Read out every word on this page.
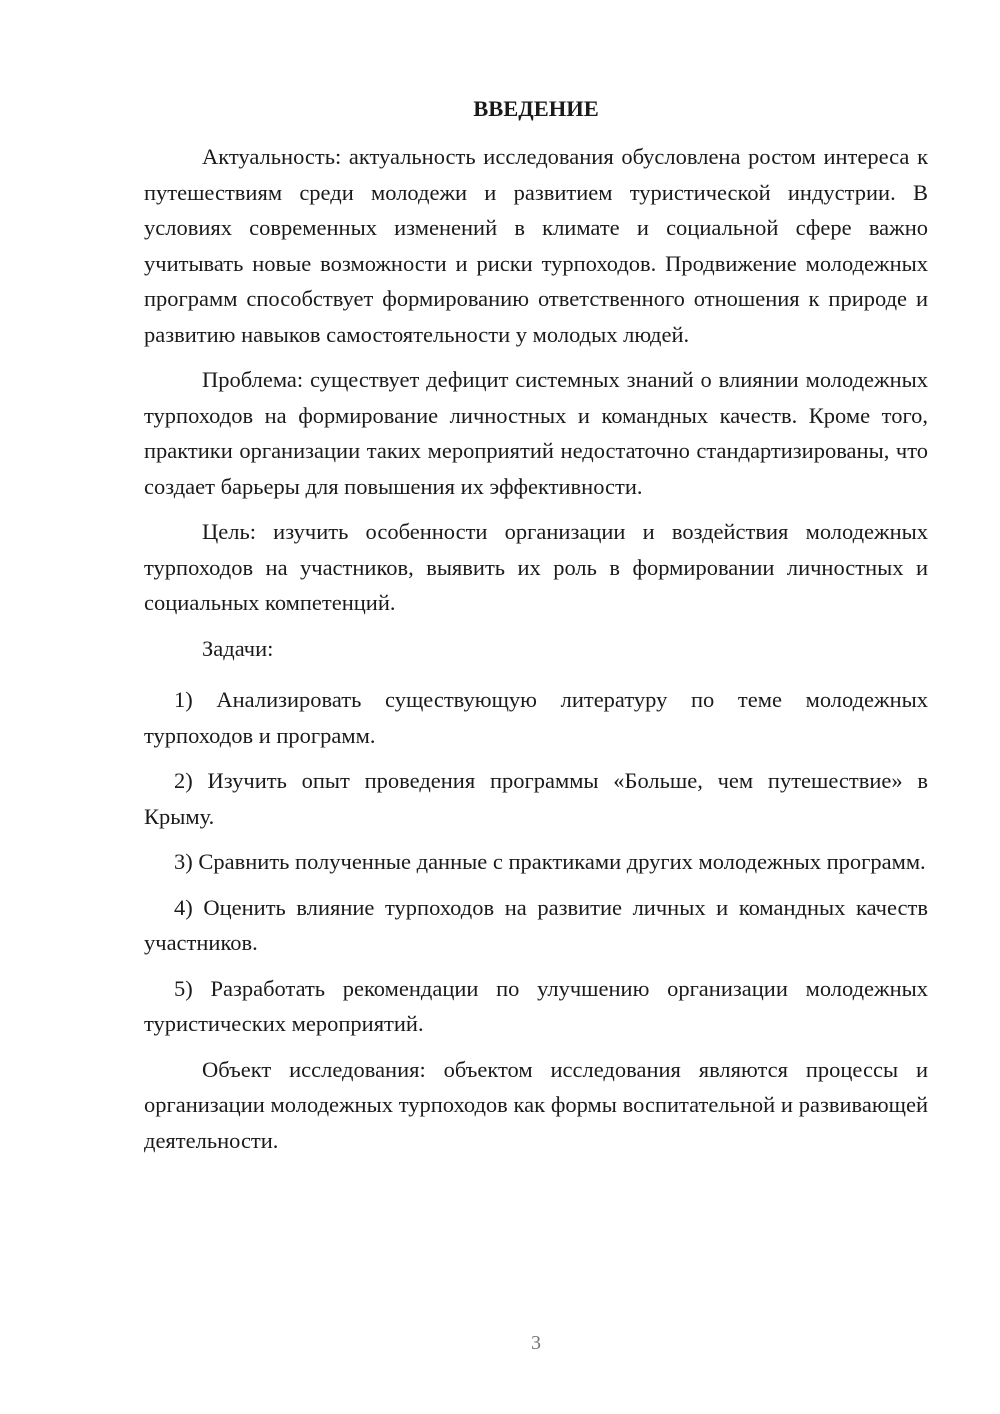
ВВЕДЕНИЕ

Актуальность: актуальность исследования обусловлена ростом интереса к путешествиям среди молодежи и развитием туристической индустрии. В условиях современных изменений в климате и социальной сфере важно учитывать новые возможности и риски турпоходов. Продвижение молодежных программ способствует формированию ответственного отношения к природе и развитию навыков самостоятельности у молодых людей.

Проблема: существует дефицит системных знаний о влиянии молодежных турпоходов на формирование личностных и командных качеств. Кроме того, практики организации таких мероприятий недостаточно стандартизированы, что создает барьеры для повышения их эффективности.

Цель: изучить особенности организации и воздействия молодежных турпоходов на участников, выявить их роль в формировании личностных и социальных компетенций.

Задачи:

1) Анализировать существующую литературу по теме молодежных турпоходов и программ.

2) Изучить опыт проведения программы «Больше, чем путешествие» в Крыму.

3) Сравнить полученные данные с практиками других молодежных программ.

4) Оценить влияние турпоходов на развитие личных и командных качеств участников.

5) Разработать рекомендации по улучшению организации молодежных туристических мероприятий.

Объект исследования: объектом исследования являются процессы и организации молодежных турпоходов как формы воспитательной и развивающей деятельности.

3
